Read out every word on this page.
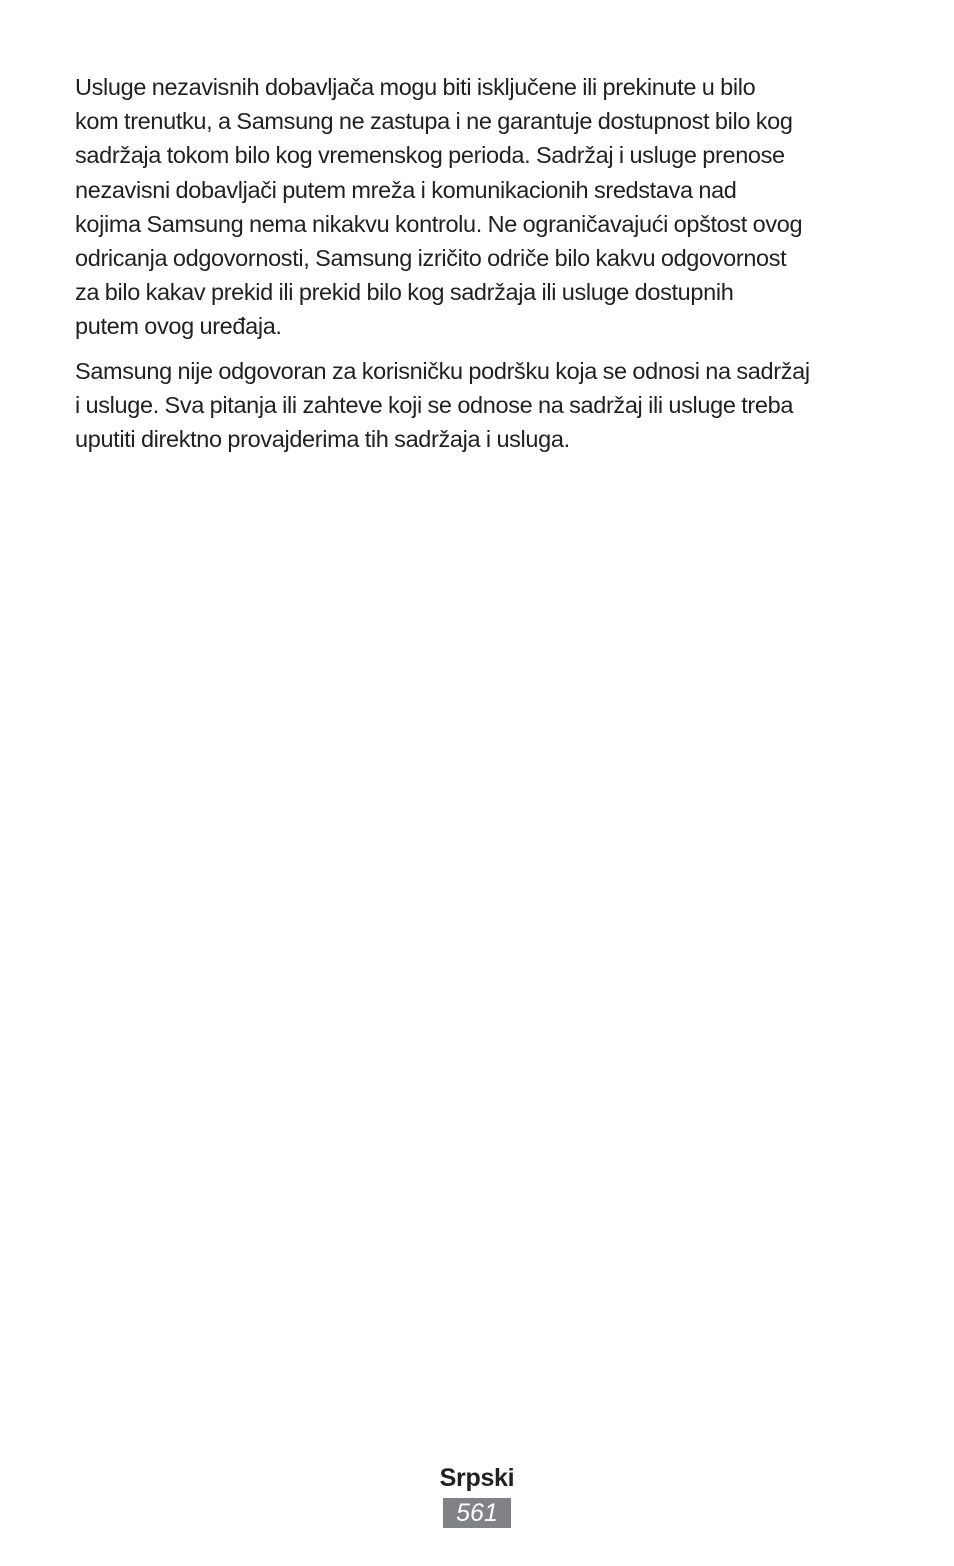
Usluge nezavisnih dobavljača mogu biti isključene ili prekinute u bilo
kom trenutku, a Samsung ne zastupa i ne garantuje dostupnost bilo kog
sadržaja tokom bilo kog vremenskog perioda. Sadržaj i usluge prenose
nezavisni dobavljači putem mreža i komunikacionih sredstava nad
kojima Samsung nema nikakvu kontrolu. Ne ograničavajući opštost ovog
odricanja odgovornosti, Samsung izričito odriče bilo kakvu odgovornost
za bilo kakav prekid ili prekid bilo kog sadržaja ili usluge dostupnih
putem ovog uređaja.

Samsung nije odgovoran za korisničku podršku koja se odnosi na sadržaj
i usluge. Sva pitanja ili zahteve koji se odnose na sadržaj ili usluge treba
uputiti direktno provajderima tih sadržaja i usluga.

Srpski
561
